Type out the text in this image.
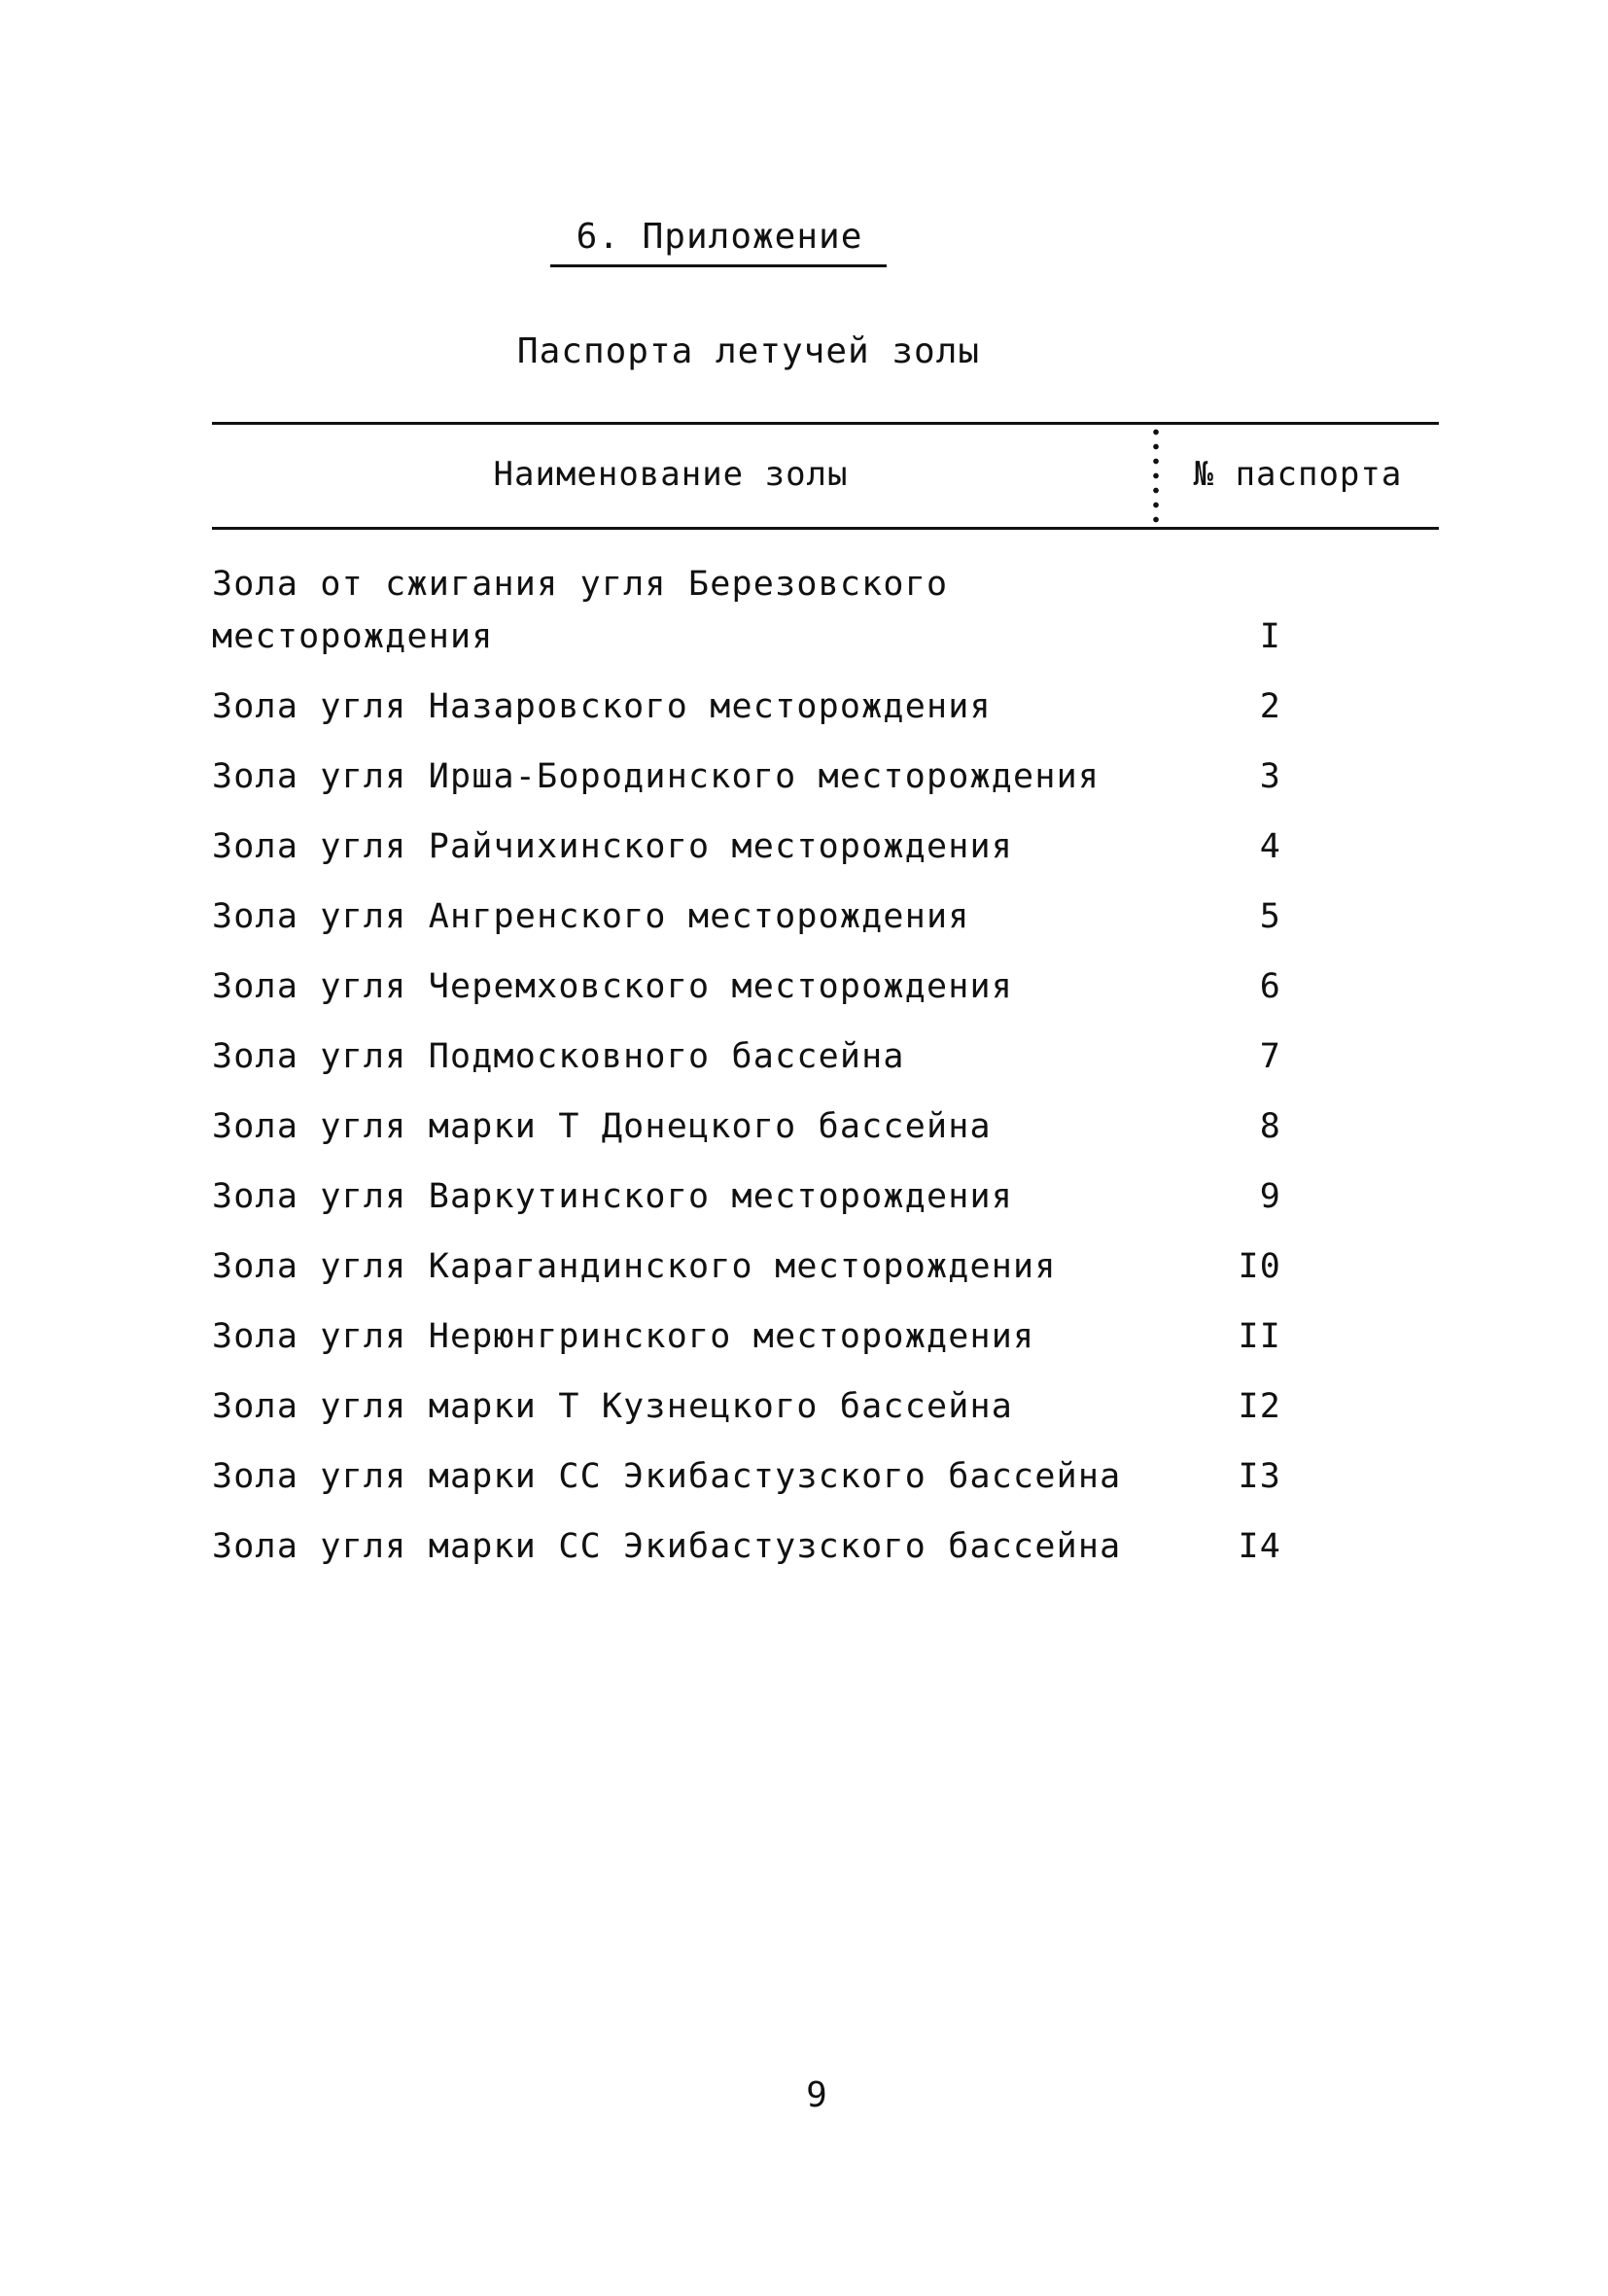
6. Приложение
Паспорта летучей золы
Наименование золы	№ паспорта
Зола от сжигания угля Березовского месторождения	I
Зола угля Назаровского месторождения	2
Зола угля Ирша-Бородинского месторождения	3
Зола угля Райчихинского месторождения	4
Зола угля Ангренского месторождения	5
Зола угля Черемховского месторождения	6
Зола угля Подмосковного бассейна	7
Зола угля марки Т Донецкого бассейна	8
Зола угля Варкутинского месторождения	9
Зола угля Карагандинского месторождения	I0
Зола угля Нерюнгринского месторождения	II
Зола угля марки Т Кузнецкого бассейна	I2
Зола угля марки СС Экибастузского бассейна	I3
Зола угля марки СС Экибастузского бассейна	I4
9
